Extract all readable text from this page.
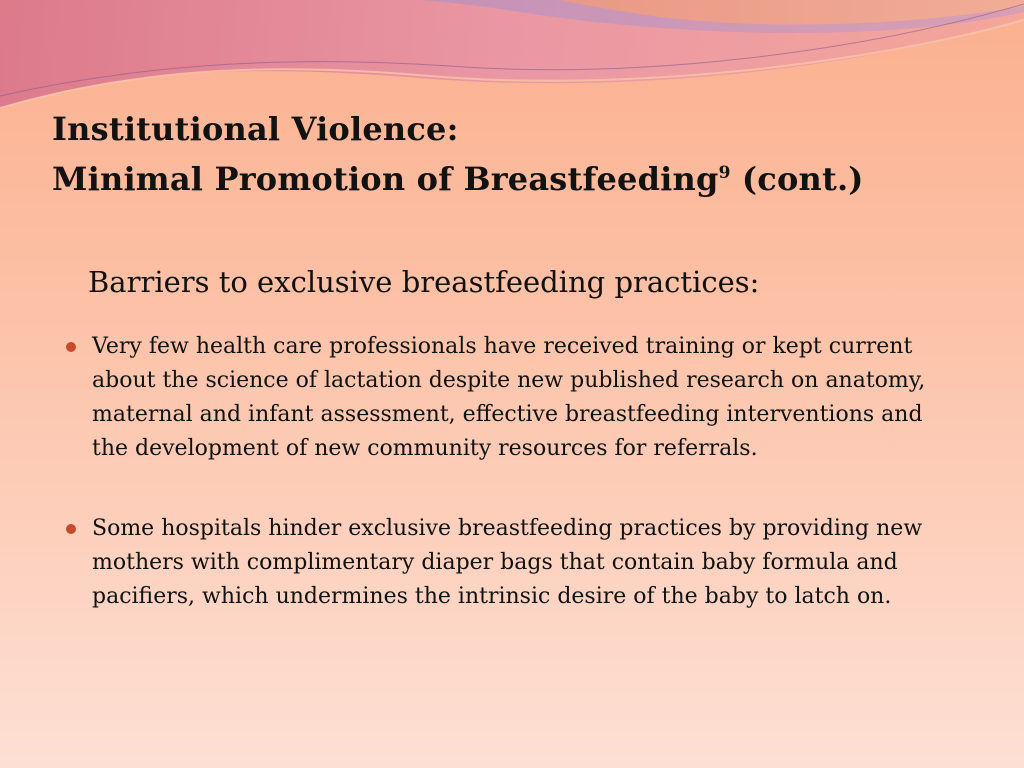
Institutional Violence:
Minimal Promotion of Breastfeeding$^9$ (cont.)
Barriers to exclusive breastfeeding practices:
Very few health care professionals have received training or kept current about the science of lactation despite new published research on anatomy, maternal and infant assessment, effective breastfeeding interventions and the development of new community resources for referrals.
Some hospitals hinder exclusive breastfeeding practices by providing new mothers with complimentary diaper bags that contain baby formula and pacifiers, which undermines the intrinsic desire of the baby to latch on.
